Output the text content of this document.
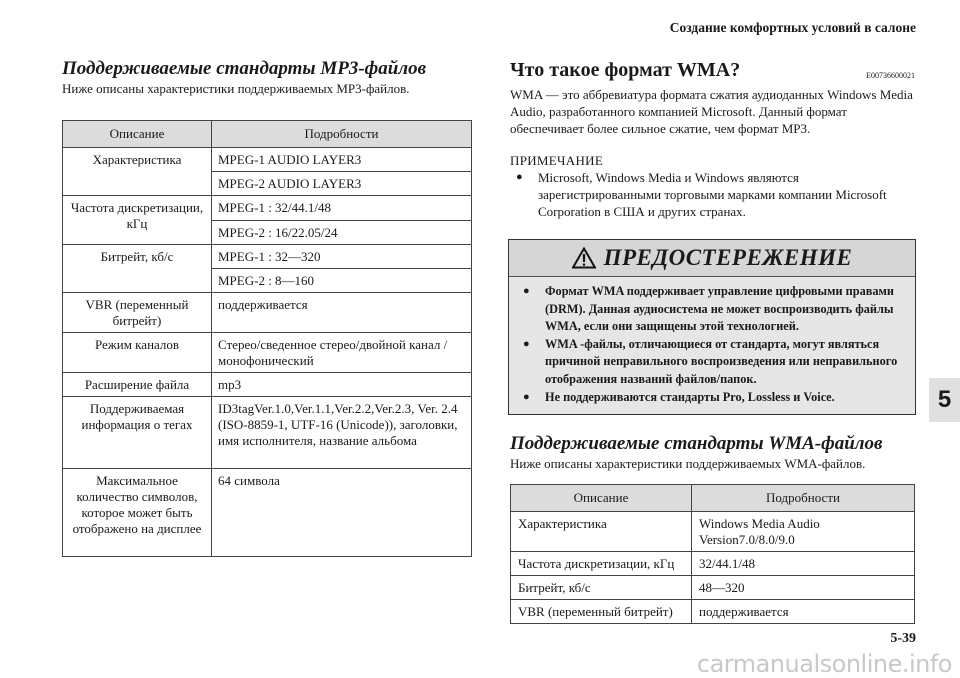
Создание комфортных условий в салоне
Поддерживаемые стандарты MP3-файлов

Ниже описаны характеристики поддерживаемых MP3-файлов.

Описание	Подробности
Характеристика	MPEG-1 AUDIO LAYER3
	MPEG-2 AUDIO LAYER3
Частота дискретизации, кГц	MPEG-1 : 32/44.1/48
	MPEG-2 : 16/22.05/24
Битрейт, кб/с	MPEG-1 : 32—320
	MPEG-2 : 8—160
VBR (переменный битрейт)	поддерживается
Режим каналов	Стерео/сведенное стерео/двойной канал / монофонический
Расширение файла	mp3
Поддерживаемая информация о тегах	ID3tagVer.1.0,Ver.1.1,Ver.2.2,Ver.2.3, Ver. 2.4 (ISO-8859-1, UTF-16 (Unicode)), заголовки, имя исполнителя, название альбома
Максимальное количество символов, которое может быть отображено на дисплее	64 символа
Что такое формат WMA?	E00736600021

WMA — это аббревиатура формата сжатия аудиоданных Windows Media Audio, разработанного компанией Microsoft. Данный формат обеспечивает более сильное сжатие, чем формат MP3.

ПРИМЕЧАНИЕ
●	Microsoft, Windows Media и Windows являются зарегистрированными торговыми марками компании Microsoft Corporation в США и других странах.
ПРЕДОСТЕРЕЖЕНИЕ
●	Формат WMA поддерживает управление цифровыми правами (DRM). Данная аудиосистема не может воспроизводить файлы WMA, если они защищены этой технологией.
●	WMA -файлы, отличающиеся от стандарта, могут являться причиной неправильного воспроизведения или неправильного отображения названий файлов/папок.
●	Не поддерживаются стандарты Pro, Lossless и Voice.
Поддерживаемые стандарты WMA-файлов

Ниже описаны характеристики поддерживаемых WMA-файлов.

Описание	Подробности
Характеристика	Windows Media Audio Version7.0/8.0/9.0
Частота дискретизации, кГц	32/44.1/48
Битрейт, кб/с	48—320
VBR (переменный битрейт)	поддерживается
5
5-39
carmanualsonline.info
